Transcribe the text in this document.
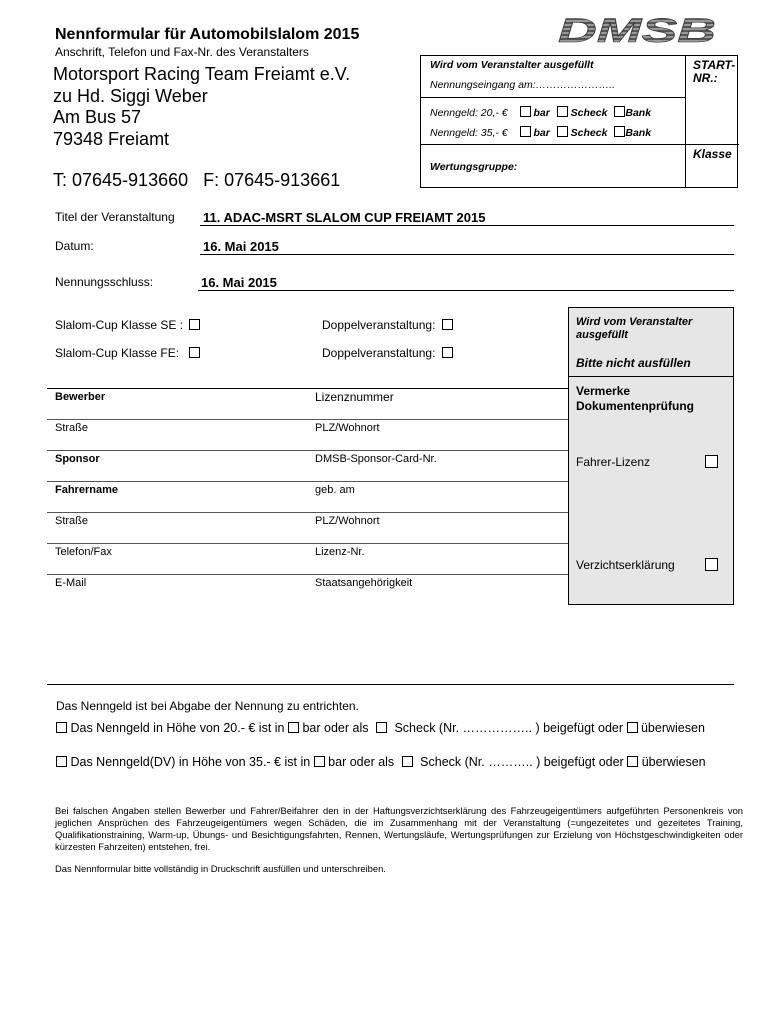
Nennformular für Automobilslalom 2015
Anschrift, Telefon und Fax-Nr. des Veranstalters
Motorsport Racing Team Freiamt e.V.
zu Hd. Siggi Weber
Am Bus 57
79348 Freiamt
T: 07645-913660   F: 07645-913661
DMSB
Wird vom Veranstalter ausgefüllt
Nennungseingang am:…………………..
Nenngeld: 20,- € bar Scheck Bank
Nenngeld: 35,- € bar Scheck Bank
Wertungsgruppe:
START-
NR.:
Klasse
Titel der Veranstaltung 11. ADAC-MSRT SLALOM CUP FREIAMT 2015
Datum:	16. Mai 2015
Nennungsschluss:	16. Mai 2015
Slalom-Cup Klasse SE :	Doppelveranstaltung:
Slalom-Cup Klasse FE:	Doppelveranstaltung:
Wird vom Veranstalter ausgefüllt
Bitte nicht ausfüllen
Vermerke Dokumentenprüfung
Fahrer-Lizenz
Verzichtserklärung
Bewerber	Lizenznummer
Straße	PLZ/Wohnort
Sponsor	DMSB-Sponsor-Card-Nr.
Fahrername	geb. am
Straße	PLZ/Wohnort
Telefon/Fax	Lizenz-Nr.
E-Mail	Staatsangehörigkeit
Das Nenngeld ist bei Abgabe der Nennung zu entrichten.
Das Nenngeld in Höhe von 20.- € ist in bar oder als Scheck (Nr. …………….. ) beigefügt oder überwiesen
Das Nenngeld(DV) in Höhe von 35.- € ist in bar oder als Scheck (Nr. ……….. ) beigefügt oder überwiesen
Bei falschen Angaben stellen Bewerber und Fahrer/Beifahrer den in der Haftungsverzichtserklärung des Fahrzeugeigentümers aufgeführten Personenkreis von jeglichen Ansprüchen des Fahrzeugeigentümers wegen Schäden, die im Zusammenhang mit der Veranstaltung (=ungezeitetes und gezeitetes Training, Qualifikationstraining, Warm-up, Übungs- und Besichtigungsfahrten, Rennen, Wertungsläufe, Wertungsprüfungen zur Erzielung von Höchstgeschwindigkeiten oder kürzesten Fahrzeiten) entstehen, frei.
Das Nennformular bitte vollständig in Druckschrift ausfüllen und unterschreiben.
